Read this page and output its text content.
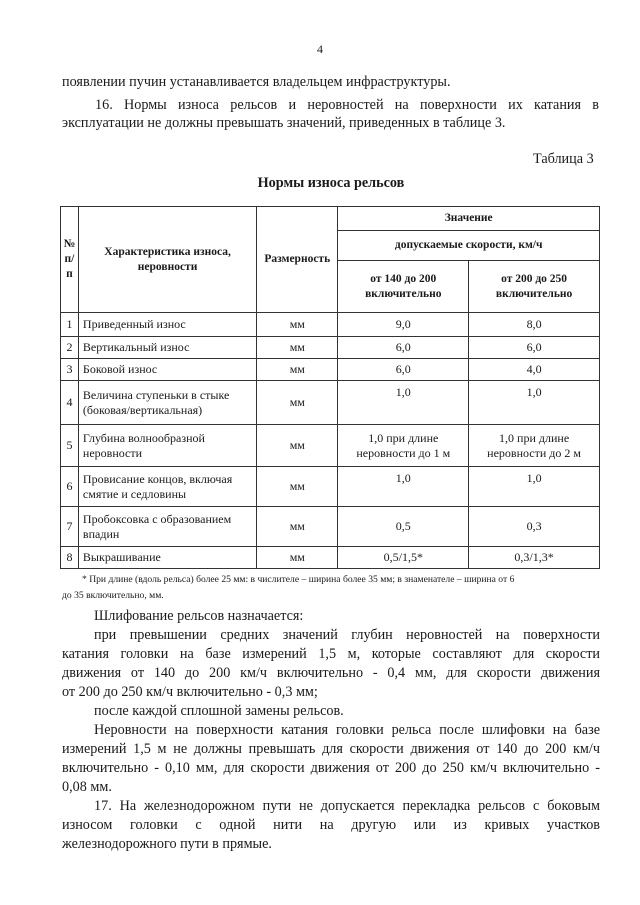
4
появлении пучин устанавливается владельцем инфраструктуры.
16. Нормы износа рельсов и неровностей на поверхности их катания в
эксплуатации не должны превышать значений, приведенных в таблице 3.
Таблица 3
Нормы износа рельсов
№ п/п	Характеристика износа, неровности	Размерность	Значение	
			допускаемые скорости, км/ч	
			от 140 до 200 включительно	от 200 до 250 включительно
1	Приведенный износ	мм	9,0	8,0
2	Вертикальный износ	мм	6,0	6,0
3	Боковой износ	мм	6,0	4,0
4	Величина ступеньки в стыке (боковая/вертикальная)	мм	1,0	1,0
5	Глубина волнообразной неровности	мм	1,0 при длине неровности до 1 м	1,0 при длине неровности до 2 м
6	Провисание концов, включая смятие и седловины	мм	1,0	1,0
7	Пробоксовка с образованием впадин	мм	0,5	0,3
8	Выкрашивание	мм	0,5/1,5*	0,3/1,3*
* При длине (вдоль рельса) более 25 мм: в числителе – ширина более 35 мм; в знаменателе – ширина от 6
до 35 включительно, мм.
Шлифование рельсов назначается:
при превышении средних значений глубин неровностей на поверхности
катания головки на базе измерений 1,5 м, которые составляют для скорости
движения от 140 до 200 км/ч включительно - 0,4 мм, для скорости движения
от 200 до 250 км/ч включительно - 0,3 мм;
после каждой сплошной замены рельсов.
Неровности на поверхности катания головки рельса после шлифовки на базе
измерений 1,5 м не должны превышать для скорости движения от 140 до 200 км/ч
включительно - 0,10 мм, для скорости движения от 200 до 250 км/ч включительно -
0,08 мм.
17. На железнодорожном пути не допускается перекладка рельсов с боковым
износом головки с одной нити на другую или из кривых участков
железнодорожного пути в прямые.
